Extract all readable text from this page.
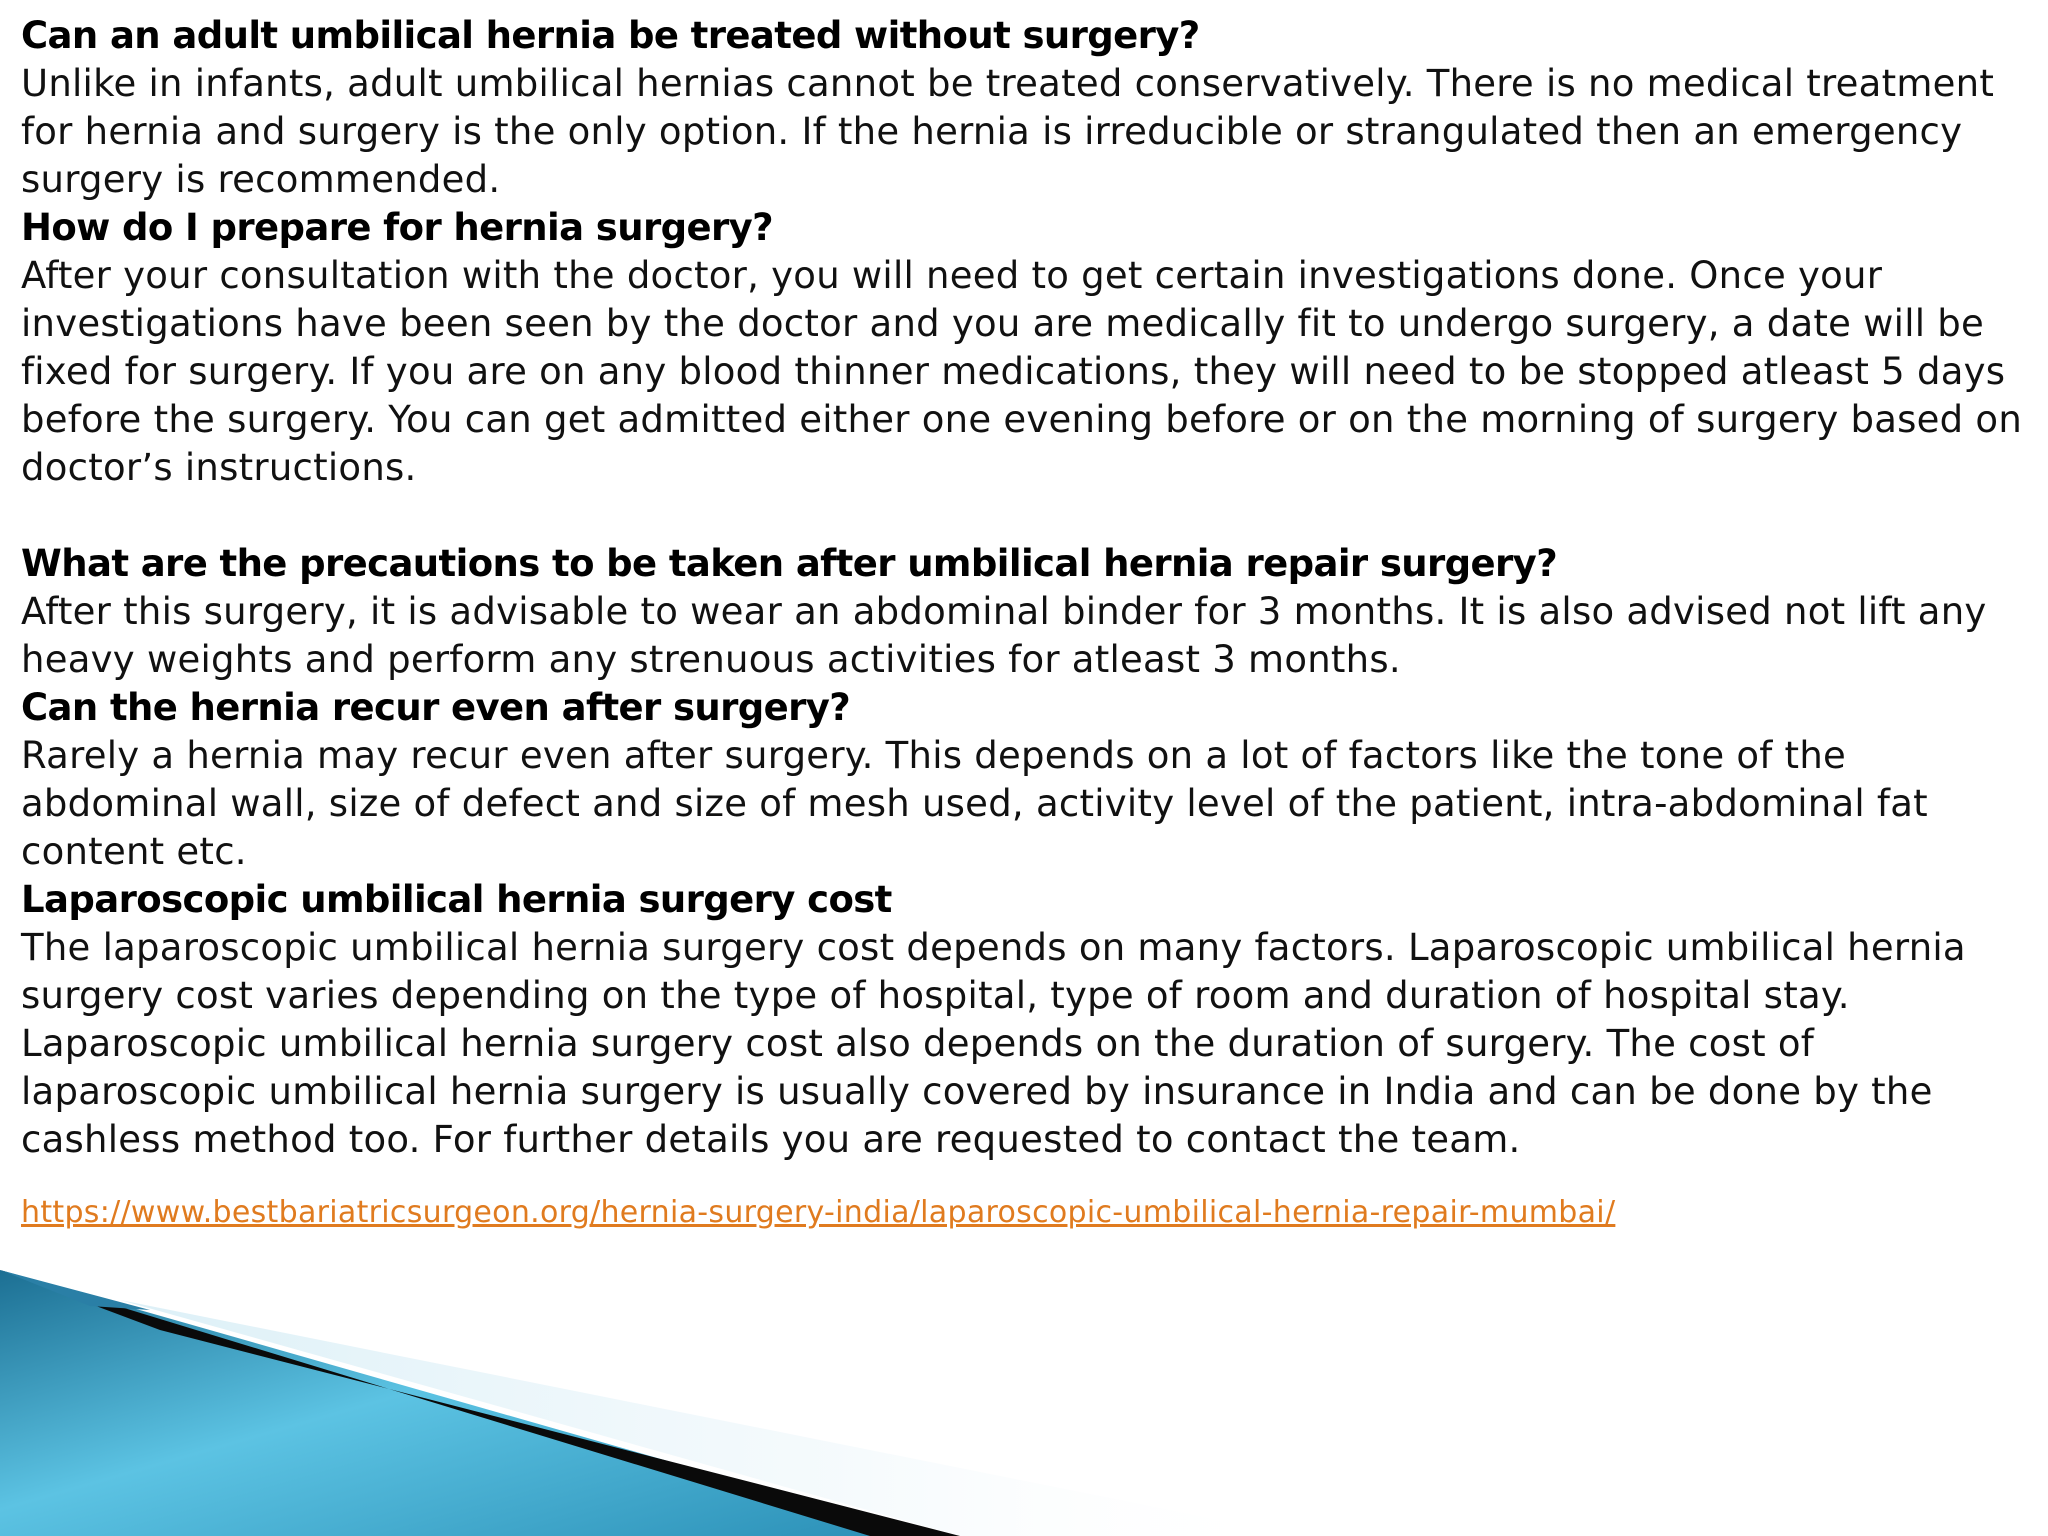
Can an adult umbilical hernia be treated without surgery?

Unlike in infants, adult umbilical hernias cannot be treated conservatively. There is no medical treatment for hernia and surgery is the only option. If the hernia is irreducible or strangulated then an emergency surgery is recommended.

How do I prepare for hernia surgery?

After your consultation with the doctor, you will need to get certain investigations done. Once your investigations have been seen by the doctor and you are medically fit to undergo surgery, a date will be fixed for surgery. If you are on any blood thinner medications, they will need to be stopped atleast 5 days before the surgery. You can get admitted either one evening before or on the morning of surgery based on doctor’s instructions.

What are the precautions to be taken after umbilical hernia repair surgery?

After this surgery, it is advisable to wear an abdominal binder for 3 months. It is also advised not lift any heavy weights and perform any strenuous activities for atleast 3 months.

Can the hernia recur even after surgery?

Rarely a hernia may recur even after surgery. This depends on a lot of factors like the tone of the abdominal wall, size of defect and size of mesh used, activity level of the patient, intra-abdominal fat content etc.

Laparoscopic umbilical hernia surgery cost

The laparoscopic umbilical hernia surgery cost depends on many factors. Laparoscopic umbilical hernia surgery cost varies depending on the type of hospital, type of room and duration of hospital stay. Laparoscopic umbilical hernia surgery cost also depends on the duration of surgery. The cost of laparoscopic umbilical hernia surgery is usually covered by insurance in India and can be done by the cashless method too. For further details you are requested to contact the team.

https://www.bestbariatricsurgeon.org/hernia-surgery-india/laparoscopic-umbilical-hernia-repair-mumbai/
